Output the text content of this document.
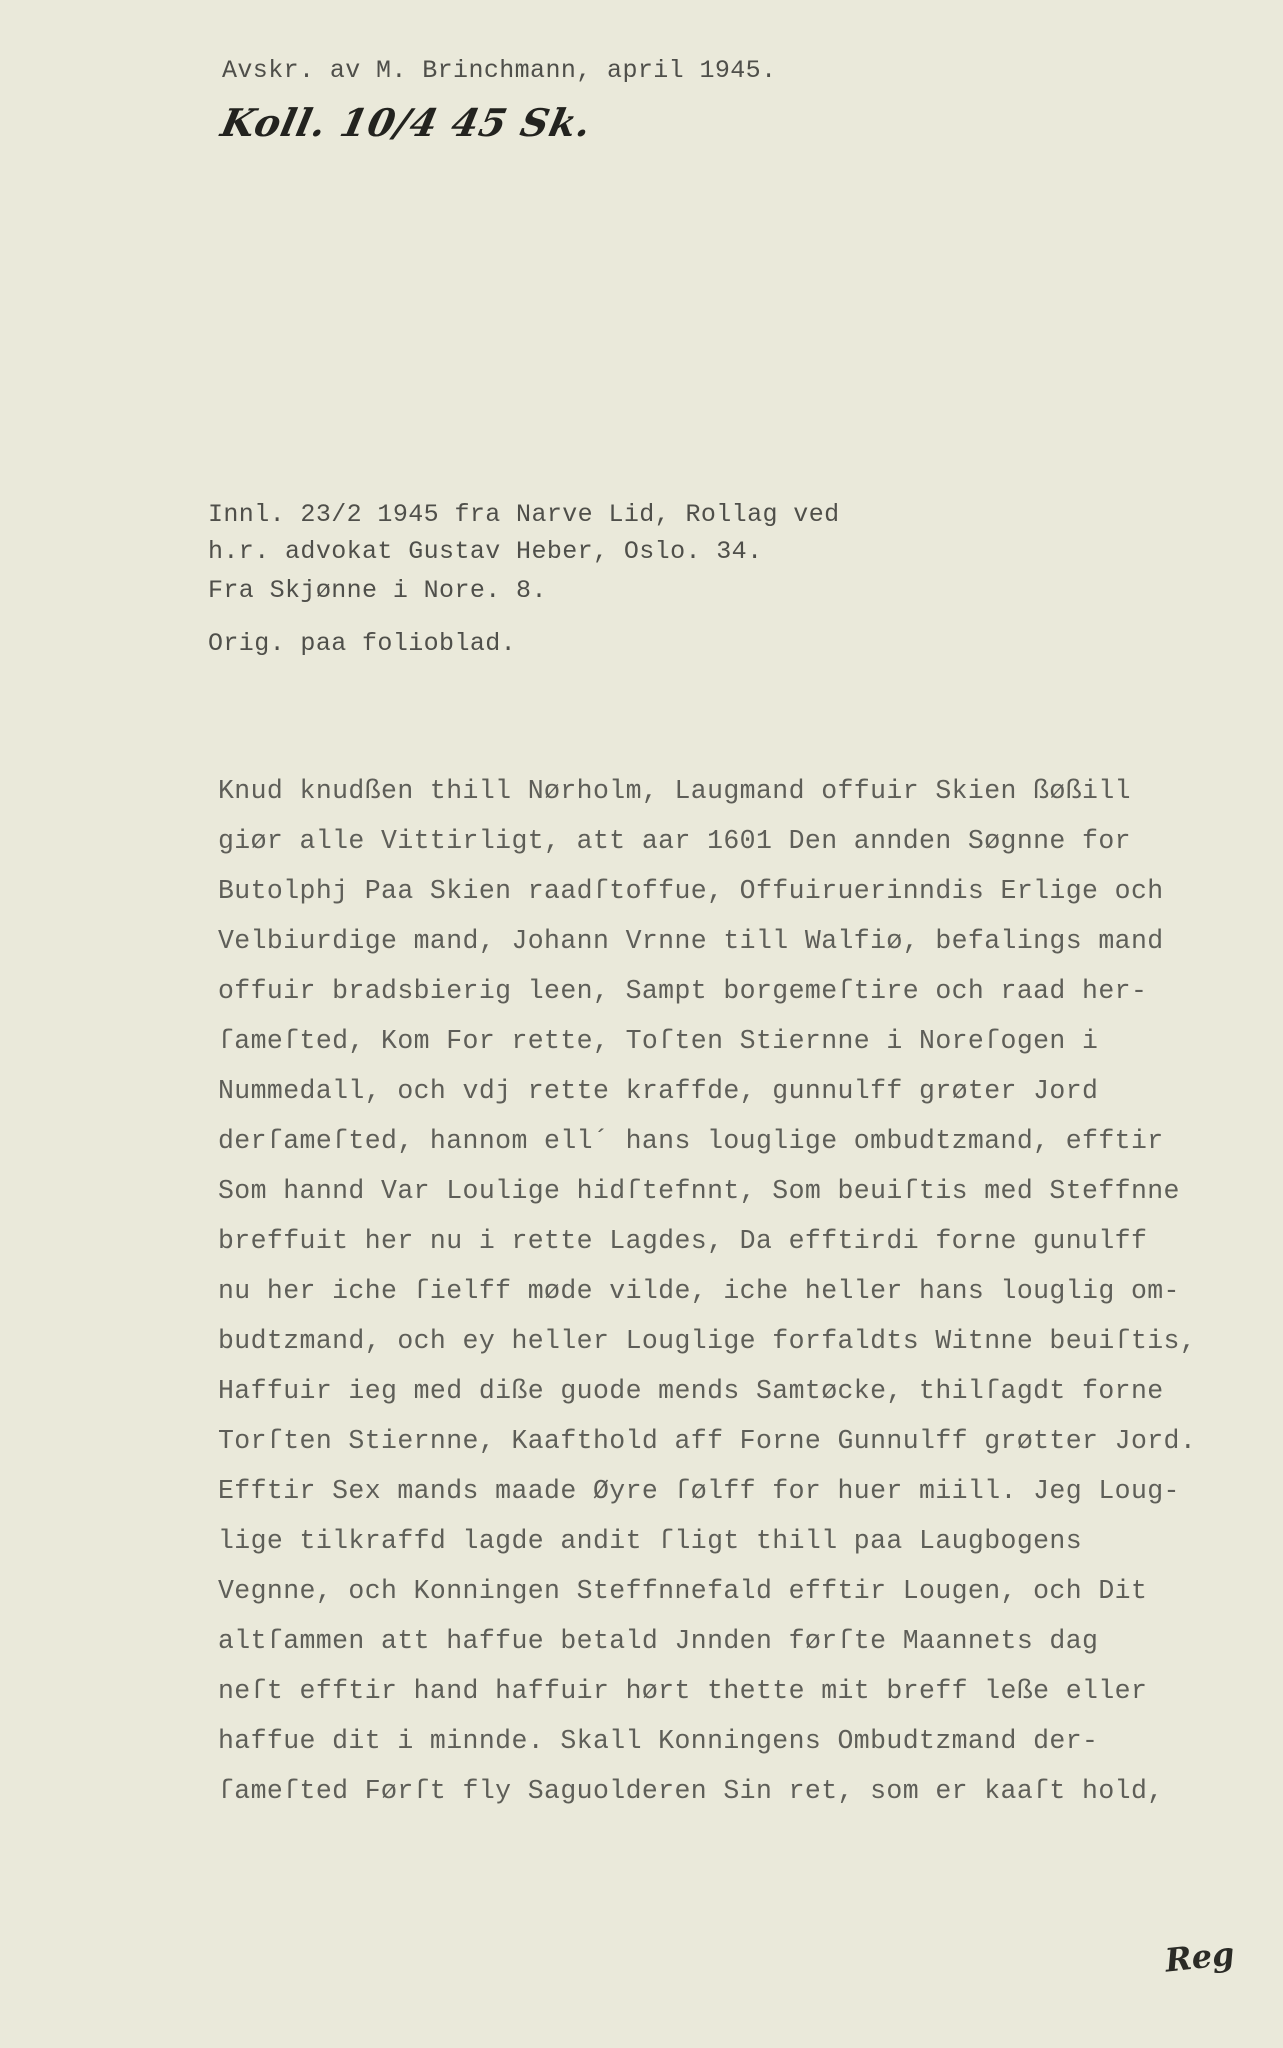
Avskr. av M. Brinchmann, april 1945.
Koll. 10/4 45 Sk.
Innl. 23/2 1945 fra Narve Lid, Rollag ved
h.r. advokat Gustav Heber, Oslo. 34.
Fra Skjønne i Nore. 8.
Orig. paa folioblad.
Knud knudßen thill Nørholm, Laugmand offuir Skien ßøßill
giør alle Vittirligt, att aar 1601 Den annden Søgnne for
Butolphj Paa Skien raadſtoffue, Offuiruerinndis Erlige och
Velbiurdige mand, Johann Vrnne till Walfiø, befalings mand
offuir bradsbierig leen, Sampt borgemeſtire och raad her-
ſameſted, Kom For rette, Toſten Stiernne i Noreſogen i
Nummedall, och vdj rette kraffde, gunnulff grøter Jord
derſameſted, hannom ell´ hans louglige ombudtzmand, efftir
Som hannd Var Loulige hidſtefnnt, Som beuiſtis med Steffnne
breffuit her nu i rette Lagdes, Da efftirdi forne gunulff
nu her iche ſielff møde vilde, iche heller hans louglig om-
budtzmand, och ey heller Louglige forfaldts Witnne beuiſtis,
Haffuir ieg med dißе guode mends Samtøcke, thilſagdt forne
Torſten Stiernne, Kaafthold aff Forne Gunnulff grøtter Jord.
Efftir Sex mands maade Øyre ſølff for huer miill. Jeg Loug-
lige tilkraffd lagde andit ſligt thill paa Laugbogens
Vegnne, och Konningen Steffnnefald efftir Lougen, och Dit
altſammen att haffue betald Jnnden førſte Maannets dag
neſt efftir hand haffuir hørt thette mit breff leße eller
haffue dit i minnde. Skall Konningens Ombudtzmand der-
ſameſted Førſt fly Saguolderen Sin ret, som er kaaſt hold,
Reg
